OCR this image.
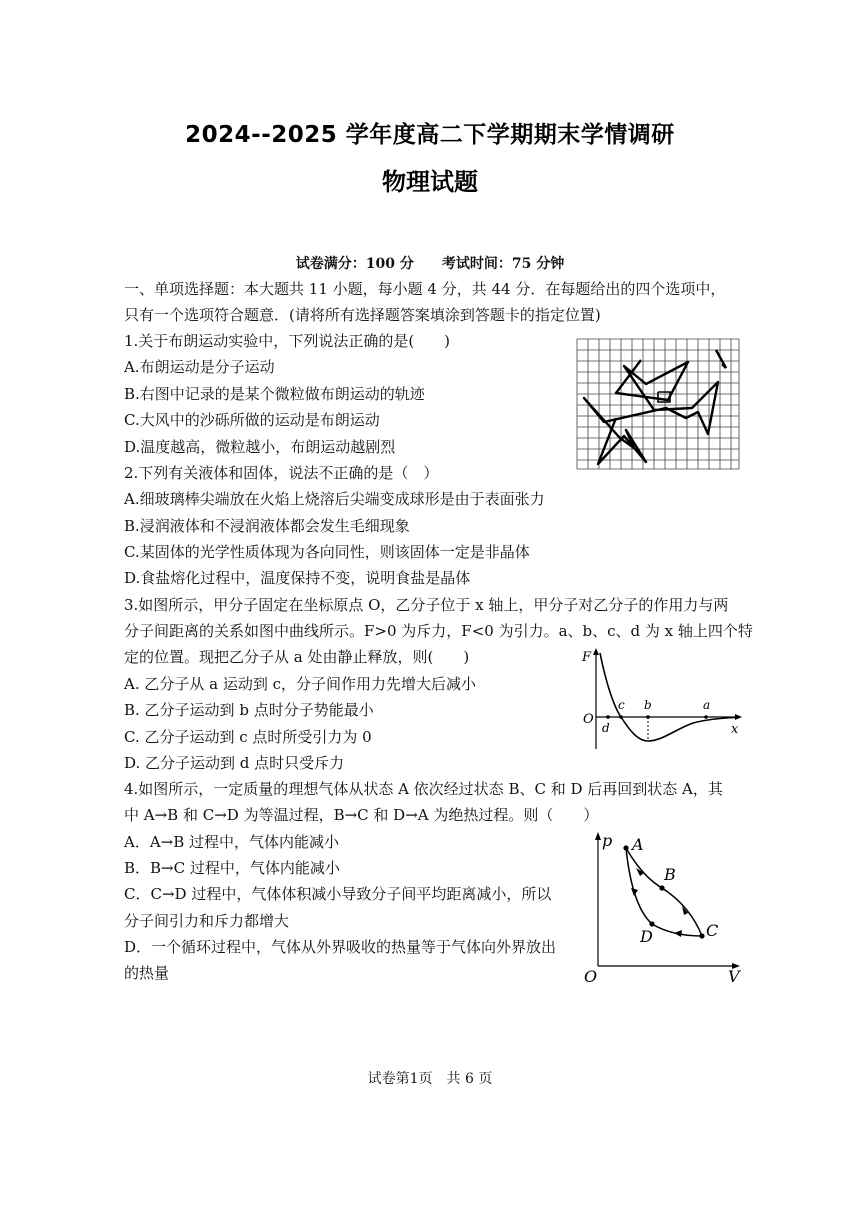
2024--2025 学年度高二下学期期末学情调研
物理试题
试卷满分：100 分　　考试时间：75 分钟
一、单项选择题：本大题共 11 小题，每小题 4 分，共 44 分．在每题给出的四个选项中，
只有一个选项符合题意．(请将所有选择题答案填涂到答题卡的指定位置)
1.关于布朗运动实验中，下列说法正确的是(　　)
A.布朗运动是分子运动
B.右图中记录的是某个微粒做布朗运动的轨迹
C.大风中的沙砾所做的运动是布朗运动
D.温度越高，微粒越小，布朗运动越剧烈
2.下列有关液体和固体，说法不正确的是（　）
A.细玻璃棒尖端放在火焰上烧溶后尖端变成球形是由于表面张力
B.浸润液体和不浸润液体都会发生毛细现象
C.某固体的光学性质体现为各向同性，则该固体一定是非晶体
D.食盐熔化过程中，温度保持不变，说明食盐是晶体
3.如图所示，甲分子固定在坐标原点 O，乙分子位于 x 轴上，甲分子对乙分子的作用力与两
分子间距离的关系如图中曲线所示。F>0 为斥力，F<0 为引力。a、b、c、d 为 x 轴上四个特
定的位置。现把乙分子从 a 处由静止释放，则(　　)
A. 乙分子从 a 运动到 c，分子间作用力先增大后减小
B. 乙分子运动到 b 点时分子势能最小
C. 乙分子运动到 c 点时所受引力为 0
D. 乙分子运动到 d 点时只受斥力
F
x
O
d
c b	a
4.如图所示，一定质量的理想气体从状态 A 依次经过状态 B、C 和 D 后再回到状态 A，其
中 A→B 和 C→D 为等温过程，B→C 和 D→A 为绝热过程。则（　　）
A．A→B 过程中，气体内能减小
B．B→C 过程中，气体内能减小
C．C→D 过程中，气体体积减小导致分子间平均距离减小，所以
分子间引力和斥力都增大
D．一个循环过程中，气体从外界吸收的热量等于气体向外界放出
的热量
p
V
O
A
B
C
D
试卷第1页　共 6 页
